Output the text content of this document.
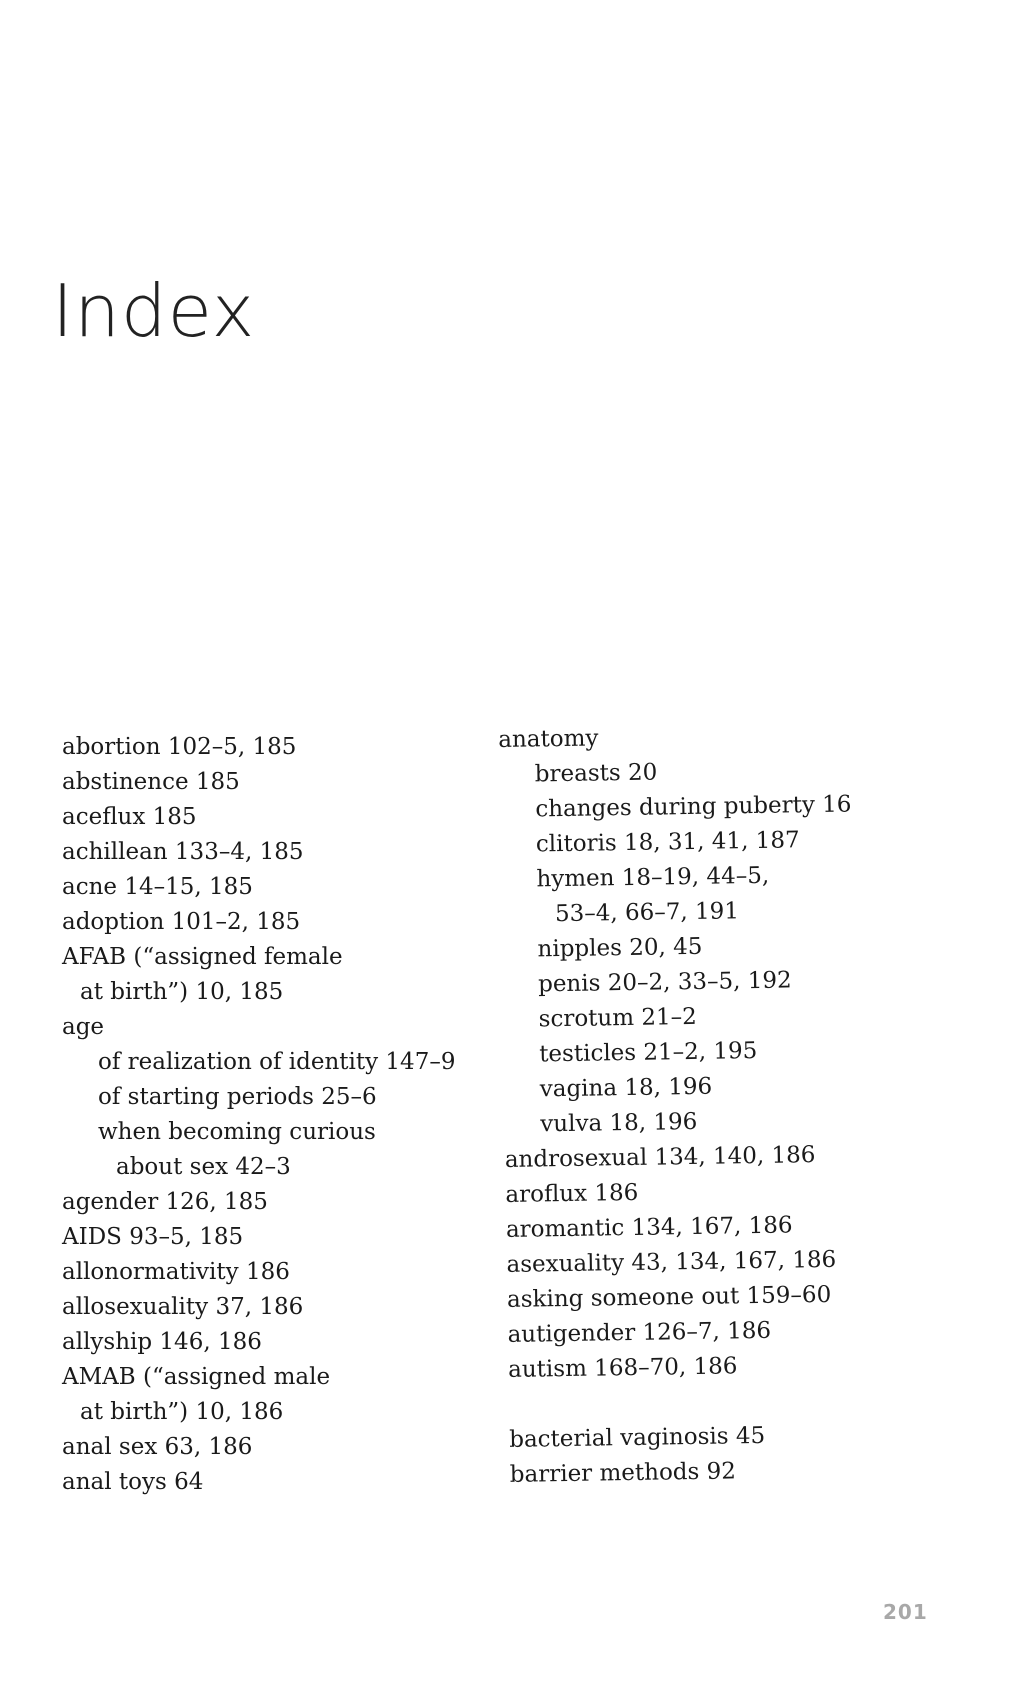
Index
abortion 102–5, 185
abstinence 185
aceflux 185
achillean 133–4, 185
acne 14–15, 185
adoption 101–2, 185
AFAB (“assigned female
at birth”) 10, 185
age
of realization of identity 147–9
of starting periods 25–6
when becoming curious
about sex 42–3
agender 126, 185
AIDS 93–5, 185
allonormativity 186
allosexuality 37, 186
allyship 146, 186
AMAB (“assigned male
at birth”) 10, 186
anal sex 63, 186
anal toys 64
anatomy
breasts 20
changes during puberty 16
clitoris 18, 31, 41, 187
hymen 18–19, 44–5,
53–4, 66–7, 191
nipples 20, 45
penis 20–2, 33–5, 192
scrotum 21–2
testicles 21–2, 195
vagina 18, 196
vulva 18, 196
androsexual 134, 140, 186
aroflux 186
aromantic 134, 167, 186
asexuality 43, 134, 167, 186
asking someone out 159–60
autigender 126–7, 186
autism 168–70, 186
bacterial vaginosis 45
barrier methods 92
201
